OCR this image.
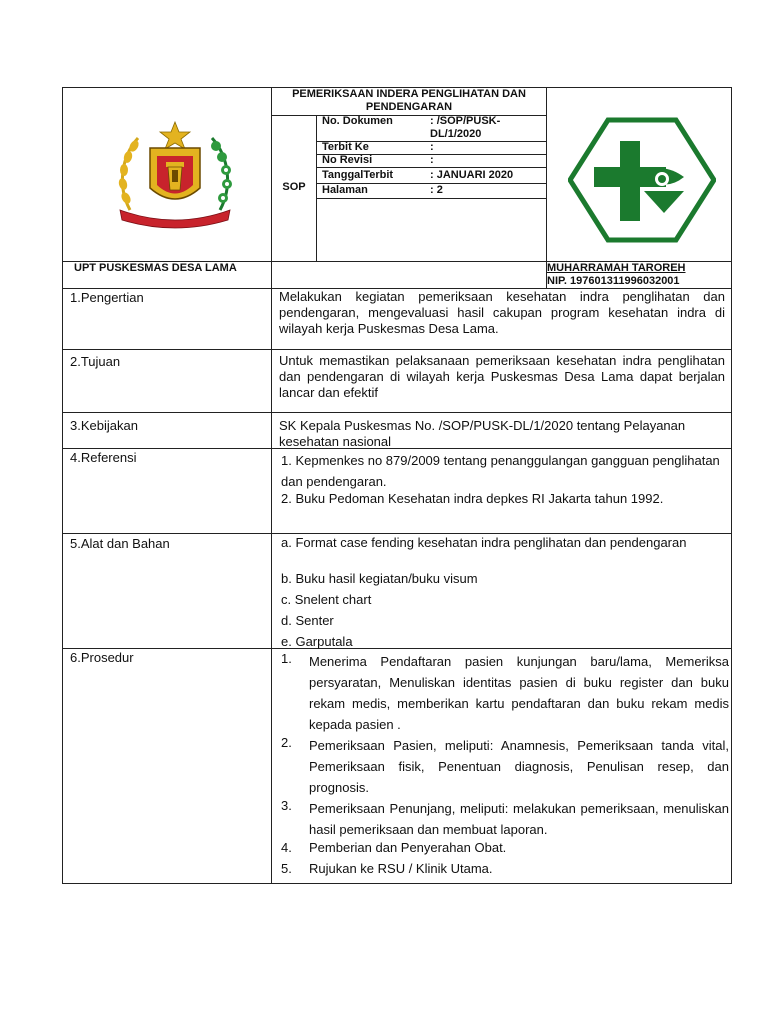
KABUPATEN LANGKAT
PEMERIKSAAN INDERA PENGLIHATAN DAN PENDENGARAN
SOP
No. Dokumen	: /SOP/PUSK-DL/1/2020
Terbit Ke	:
No Revisi	:
TanggalTerbit	: JANUARI 2020
Halaman	: 2
UPT PUSKESMAS DESA LAMA	MUHARRAMAH TAROREH
NIP. 197601311996032001
1.Pengertian	Melakukan kegiatan pemeriksaan kesehatan indra penglihatan dan pendengaran, mengevaluasi hasil cakupan program kesehatan indra di wilayah kerja Puskesmas Desa Lama.
2.Tujuan	Untuk memastikan pelaksanaan pemeriksaan kesehatan indra penglihatan dan pendengaran di wilayah kerja Puskesmas Desa Lama dapat berjalan lancar dan efektif
3.Kebijakan	SK Kepala Puskesmas No. /SOP/PUSK-DL/1/2020 tentang Pelayanan kesehatan nasional
4.Referensi	1. Kepmenkes no 879/2009 tentang penanggulangan gangguan penglihatan dan pendengaran.
2. Buku Pedoman Kesehatan indra depkes RI Jakarta tahun 1992.
5.Alat dan Bahan	a. Format case fending kesehatan indra penglihatan dan pendengaran
b. Buku hasil kegiatan/buku visum
c. Snelent chart
d. Senter
e. Garputala
6.Prosedur	1. Menerima Pendaftaran pasien kunjungan baru/lama, Memeriksa persyaratan, Menuliskan identitas pasien di buku register dan buku rekam medis, memberikan kartu pendaftaran dan buku rekam medis kepada pasien .
2. Pemeriksaan Pasien, meliputi: Anamnesis, Pemeriksaan tanda vital, Pemeriksaan fisik, Penentuan diagnosis, Penulisan resep, dan prognosis.
3. Pemeriksaan Penunjang, meliputi: melakukan pemeriksaan, menuliskan hasil pemeriksaan dan membuat laporan.
4. Pemberian dan Penyerahan Obat.
5. Rujukan ke RSU / Klinik Utama.
